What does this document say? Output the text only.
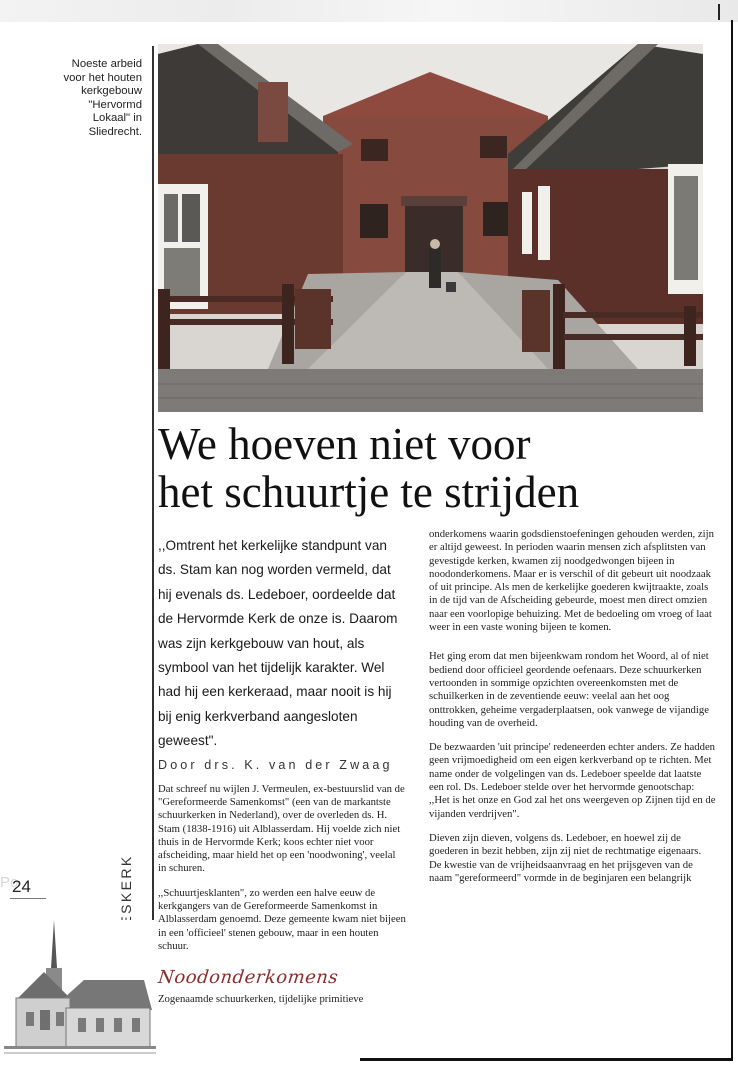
Noeste arbeid voor het houten kerkgebouw "Hervormd Lokaal" in Sliedrecht.
We hoeven niet voor
het schuurtje te strijden

,,Omtrent het kerkelijke standpunt van ds. Stam kan nog worden vermeld, dat hij evenals ds. Ledeboer, oordeelde dat de Hervormde Kerk de onze is. Daarom was zijn kerkgebouw van hout, als symbool van het tijdelijk karakter. Wel had hij een kerkeraad, maar nooit is hij bij enig kerkverband aangesloten geweest".

Door drs. K. van der Zwaag

Dat schreef nu wijlen J. Vermeulen, ex-bestuurslid van de "Gereformeerde Samenkomst" (een van de markantste schuurkerken in Nederland), over de overleden ds. H. Stam (1838-1916) uit Alblasserdam. Hij voelde zich niet thuis in de Hervormde Kerk; koos echter niet voor afscheiding, maar hield het op een 'noodwoning', veelal in schuren.

,,Schuurtjesklanten", zo werden een halve eeuw de kerkgangers van de Gereformeerde Samenkomst in Alblasserdam genoemd. Deze gemeente kwam niet bijeen in een 'officieel' stenen gebouw, maar in een houten schuur.

Noodonderkomens

Zogenaamde schuurkerken, tijdelijke primitieve

onderkomens waarin godsdienstoefeningen gehouden werden, zijn er altijd geweest. In perioden waarin mensen zich afsplitsten van gevestigde kerken, kwamen zij noodgedwongen bijeen in noodonderkomens. Maar er is verschil of dit gebeurt uit noodzaak of uit principe. Als men de kerkelijke goederen kwijtraakte, zoals in de tijd van de Afscheiding gebeurde, moest men direct omzien naar een voorlopige behuizing. Met de bedoeling om vroeg of laat weer in een vaste woning bijeen te komen.

Het ging erom dat men bijeenkwam rondom het Woord, al of niet bediend door officieel geordende oefenaars. Deze schuurkerken vertoonden in sommige opzichten overeenkomsten met de schuilkerken in de zeventiende eeuw: veelal aan het oog onttrokken, geheime vergaderplaatsen, ook vanwege de vijandige houding van de overheid.

De bezwaarden 'uit principe' redeneerden echter anders. Ze hadden geen vrijmoedigheid om een eigen kerkverband op te richten. Met name onder de volgelingen van ds. Ledeboer speelde dat laatste een rol. Ds. Ledeboer stelde over het hervormde genootschap: ,,Het is het onze en God zal het ons weergeven op Zijnen tijd en de vijanden verdrijven".

Dieven zijn dieven, volgens ds. Ledeboer, en hoewel zij de goederen in bezit hebben, zijn zij niet de rechtmatige eigenaars. De kwestie van de vrijheidsaanvraag en het prijsgeven van de naam "gereformeerd" vormde in de beginjaren een belangrijk

Po
24
